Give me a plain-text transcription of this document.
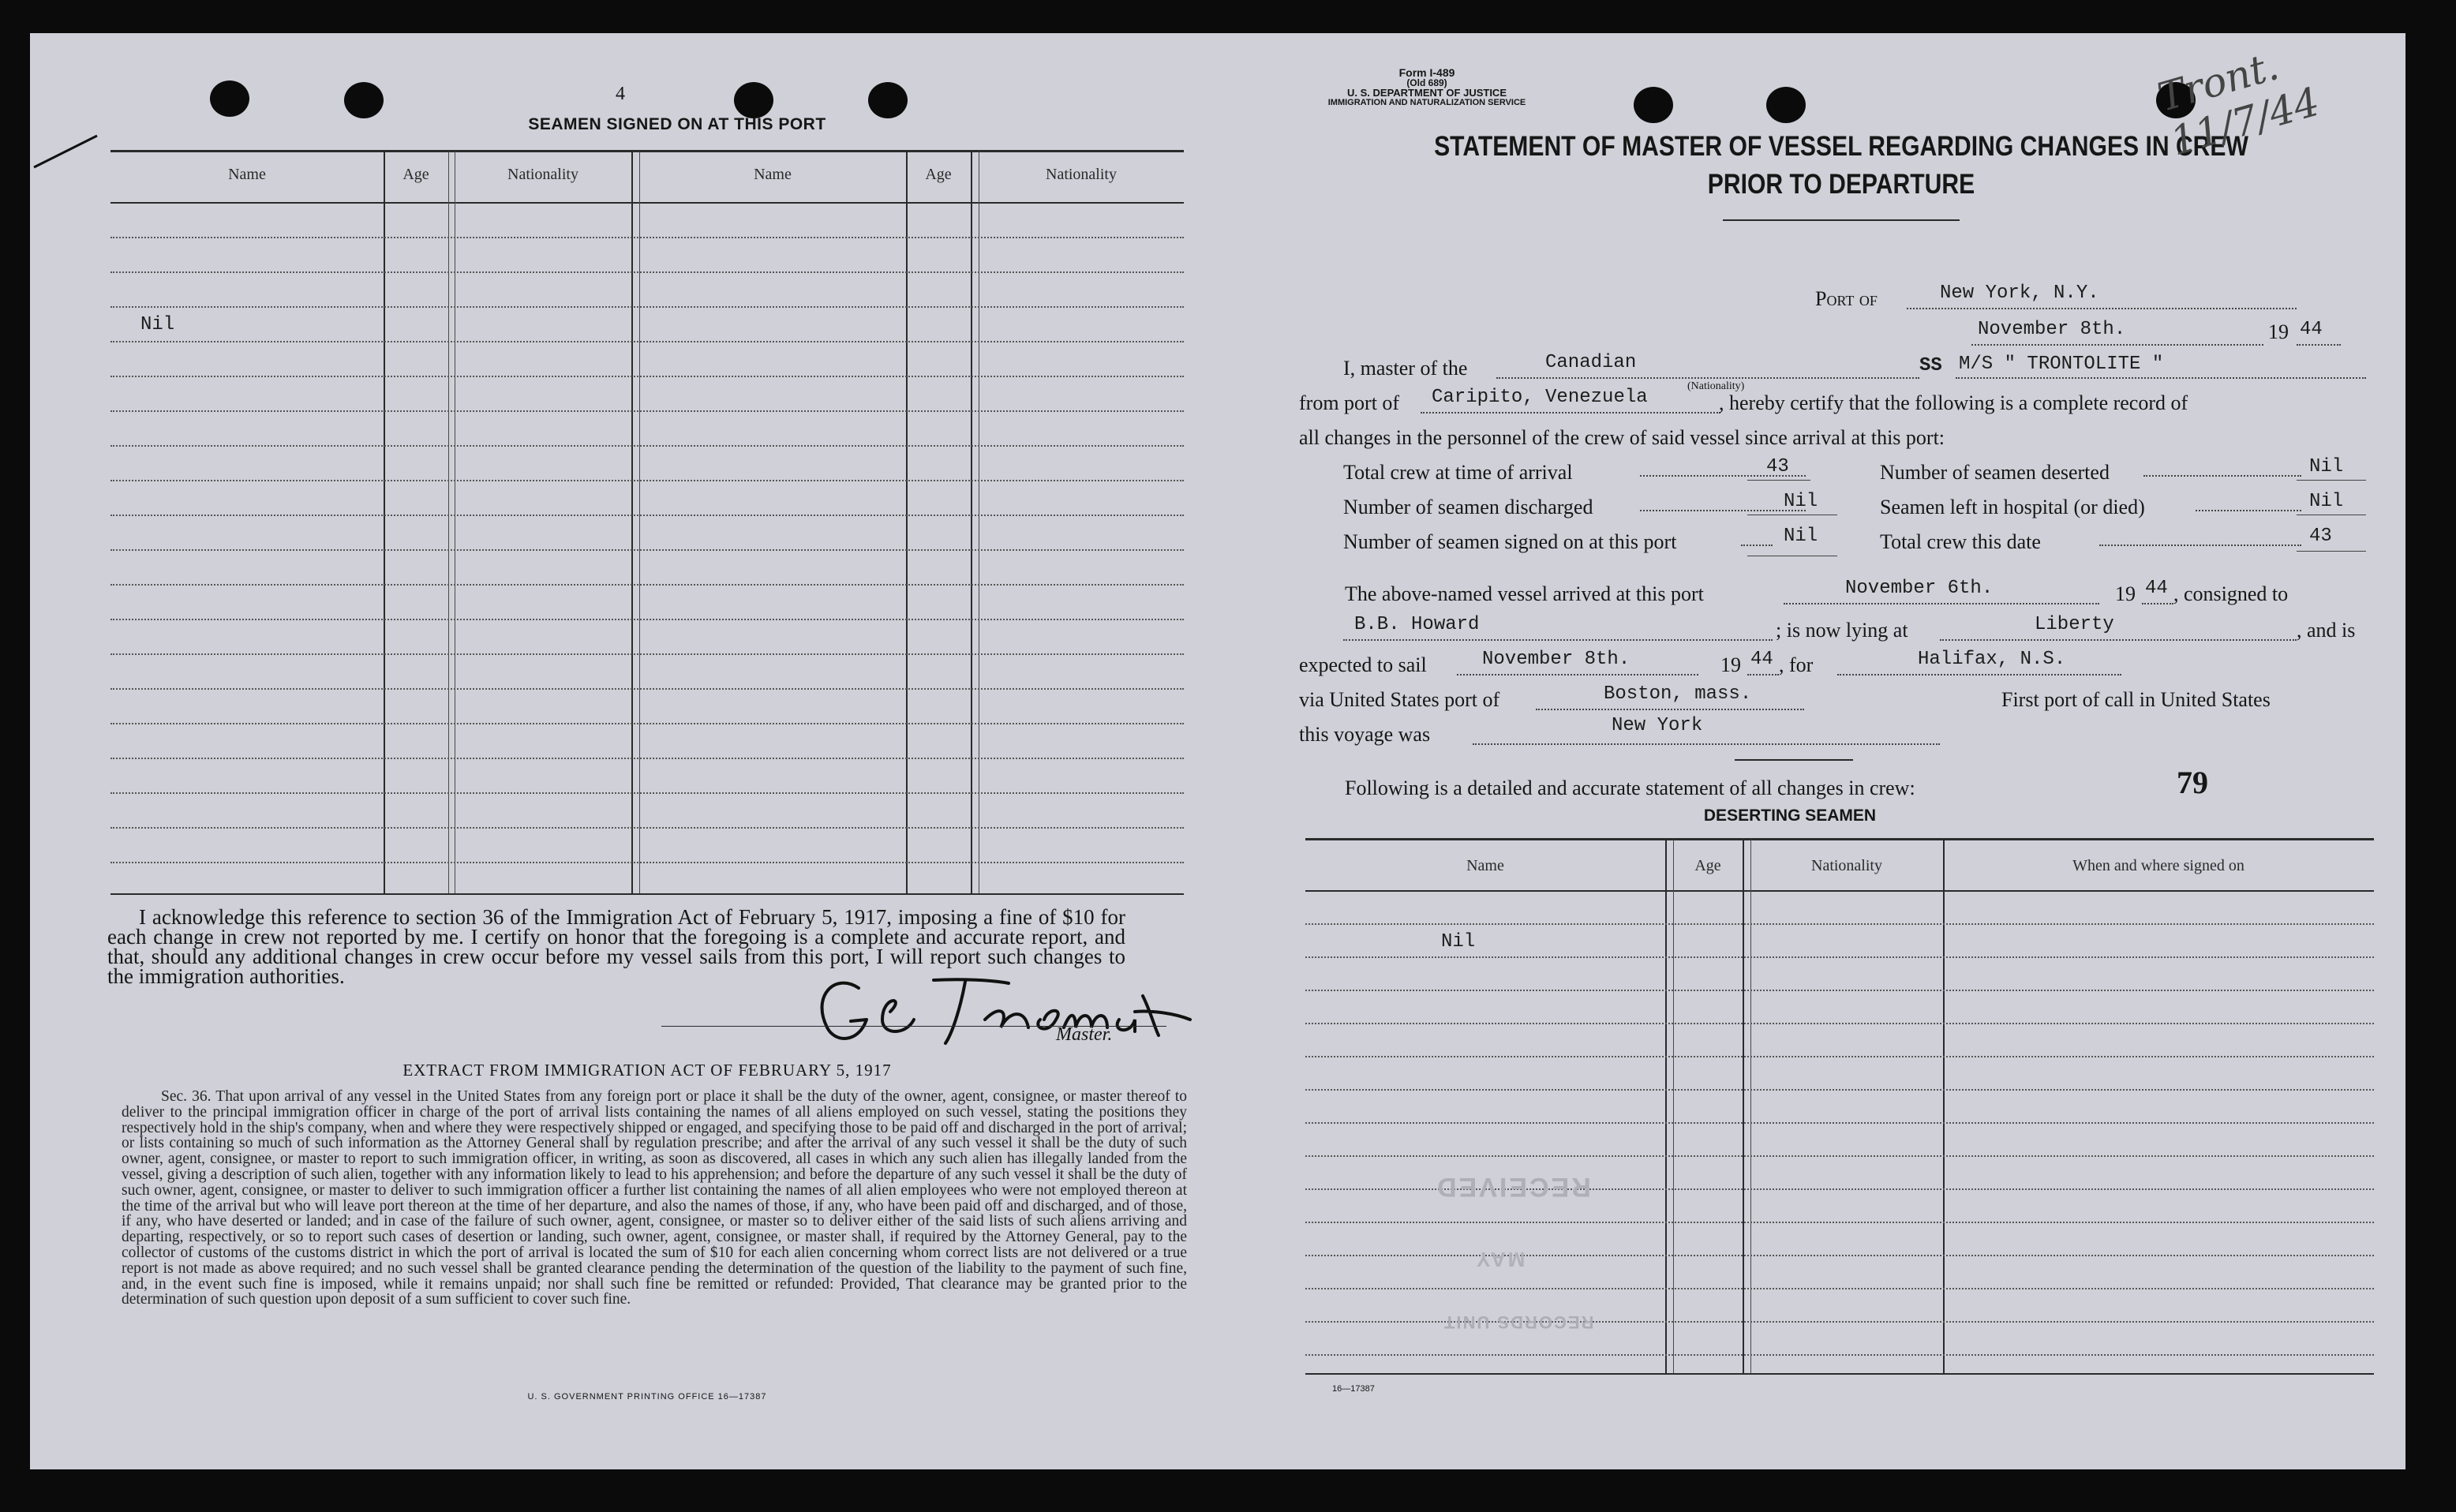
4
SEAMEN SIGNED ON AT THIS PORT
Name	Age	Nationality	Name	Age	Nationality
Nil
I acknowledge this reference to section 36 of the Immigration Act of February 5, 1917, imposing a fine of $10 for each change in crew not reported by me. I certify on honor that the foregoing is a complete and accurate report, and that, should any additional changes in crew occur before my vessel sails from this port, I will report such changes to the immigration authorities.
Master.
EXTRACT FROM IMMIGRATION ACT OF FEBRUARY 5, 1917
Sec. 36. That upon arrival of any vessel in the United States from any foreign port or place it shall be the duty of the owner, agent, consignee, or master thereof to deliver to the principal immigration officer in charge of the port of arrival lists containing the names of all aliens employed on such vessel, stating the positions they respectively hold in the ship's company, when and where they were respectively shipped or engaged, and specifying those to be paid off and discharged in the port of arrival; or lists containing so much of such information as the Attorney General shall by regulation prescribe; and after the arrival of any such vessel it shall be the duty of such owner, agent, consignee, or master to report to such immigration officer, in writing, as soon as discovered, all cases in which any such alien has illegally landed from the vessel, giving a description of such alien, together with any information likely to lead to his apprehension; and before the departure of any such vessel it shall be the duty of such owner, agent, consignee, or master to deliver to such immigration officer a further list containing the names of all alien employees who were not employed thereon at the time of the arrival but who will leave port thereon at the time of her departure, and also the names of those, if any, who have been paid off and discharged, and of those, if any, who have deserted or landed; and in case of the failure of such owner, agent, consignee, or master so to deliver either of the said lists of such aliens arriving and departing, respectively, or so to report such cases of desertion or landing, such owner, agent, consignee, or master shall, if required by the Attorney General, pay to the collector of customs of the customs district in which the port of arrival is located the sum of $10 for each alien concerning whom correct lists are not delivered or a true report is not made as above required; and no such vessel shall be granted clearance pending the determination of the question of the liability to the payment of such fine, and, in the event such fine is imposed, while it remains unpaid; nor shall such fine be remitted or refunded: Provided, That clearance may be granted prior to the determination of such question upon deposit of a sum sufficient to cover such fine.
U. S. GOVERNMENT PRINTING OFFICE 16—17387
Form I-489
(Old 689)
U. S. DEPARTMENT OF JUSTICE
IMMIGRATION AND NATURALIZATION SERVICE
STATEMENT OF MASTER OF VESSEL REGARDING CHANGES IN CREW
PRIOR TO DEPARTURE
Tront. 11/7/44
Port of	New York, N.Y.
November 8th.	19 44
I, master of the	Canadian
(Nationality)
SS M/S " TRONTOLITE "
from port of Caripito, Venezuela	, hereby certify that the following is a complete record of
all changes in the personnel of the crew of said vessel since arrival at this port:
Total crew at time of arrival	43	Number of seamen deserted	Nil
Number of seamen discharged	Nil	Seamen left in hospital (or died)	Nil
Number of seamen signed on at this port	Nil	Total crew this date	43
The above-named vessel arrived at this port	November 6th.	19 44 , consigned to
B.B. Howard	; is now lying at	Liberty	, and is
expected to sail	November 8th.	19 44 , for	Halifax, N.S.
via United States port of	Boston, mass.	First port of call in United States
this voyage was	New York
Following is a detailed and accurate statement of all changes in crew:	79
DESERTING SEAMEN
Name	Age	Nationality	When and where signed on
Nil
RECEIVED
MAY
RECORDS UNIT
16—17387
